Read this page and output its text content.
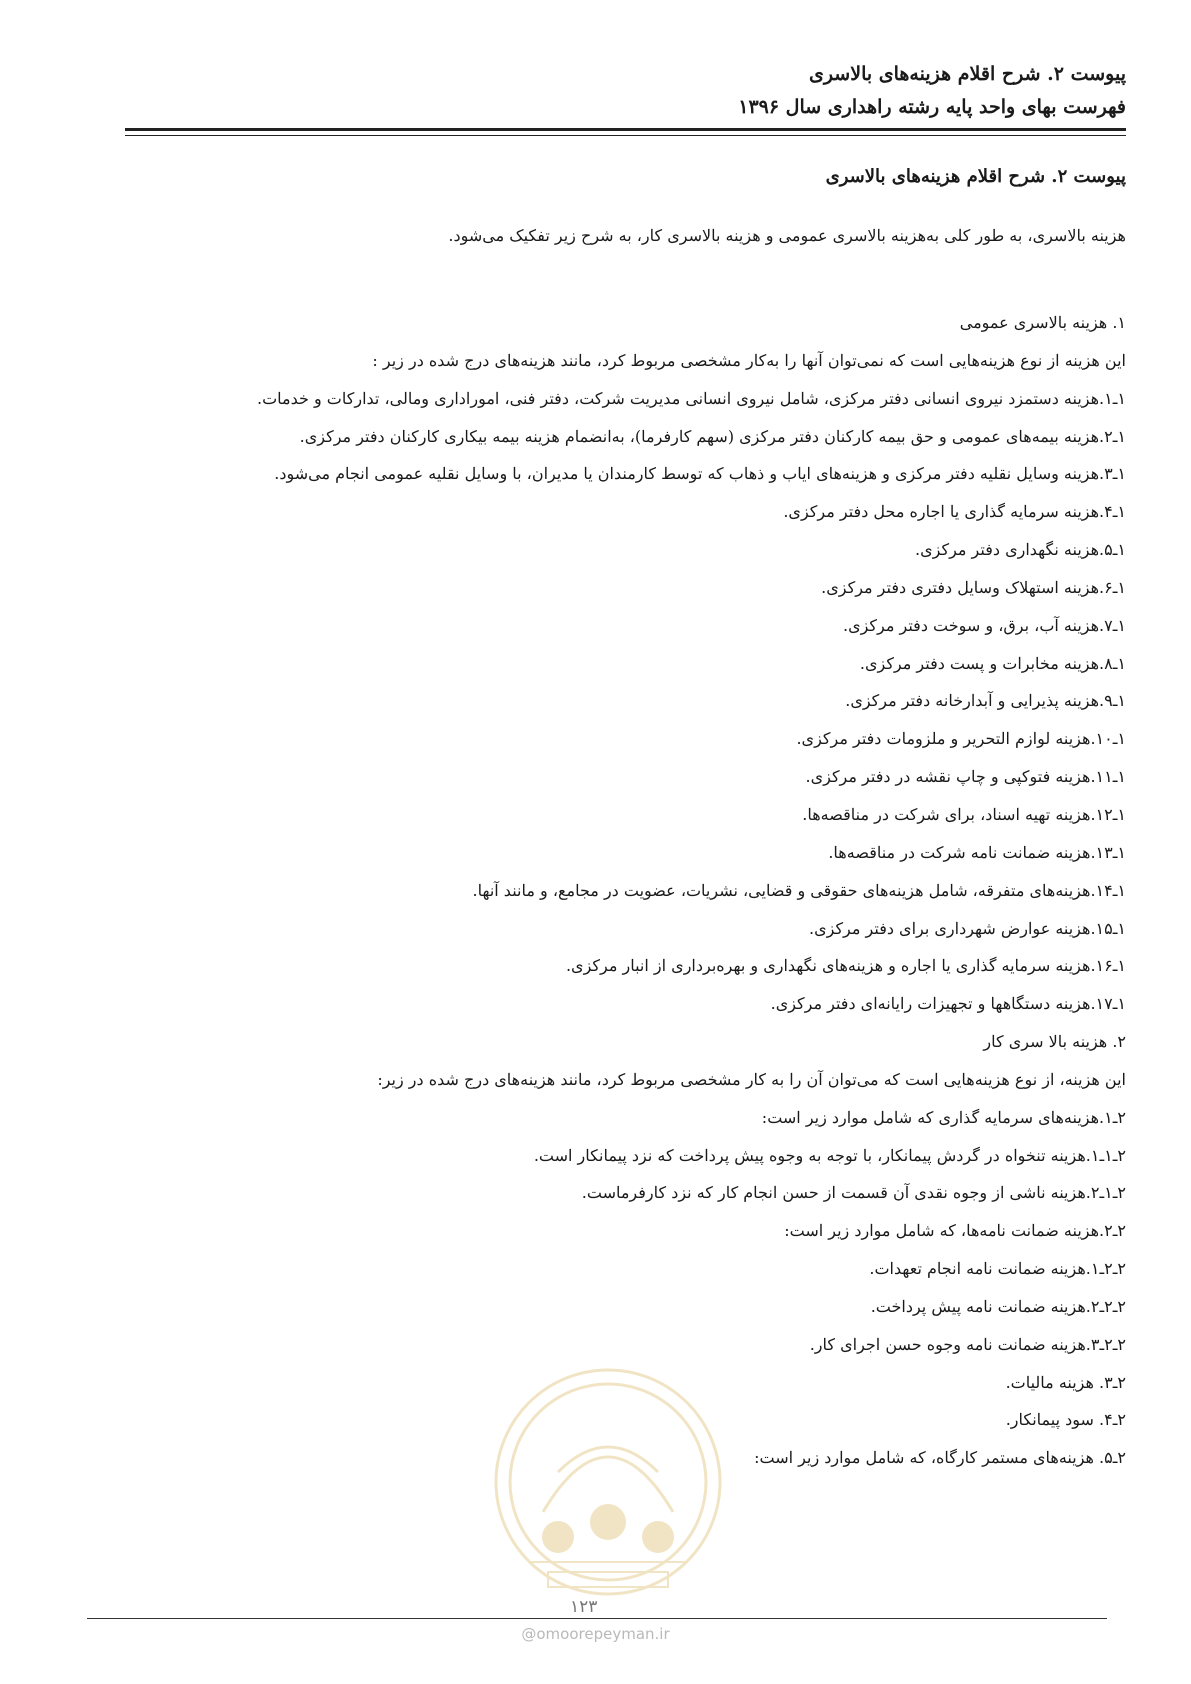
پیوست ۲. شرح اقلام هزینه‌های بالاسری
فهرست بهای واحد پایه رشته راهداری سال ۱۳۹۶
پیوست ۲. شرح اقلام هزینه‌های بالاسری
هزینه بالاسری، به طور کلی به‌هزینه بالاسری عمومی و هزینه بالاسری کار، به شرح زیر تفکیک می‌شود.
۱. هزینه بالاسری عمومی
این هزینه از نوع هزینه‌هایی است که نمی‌توان آنها را به‌کار مشخصی مربوط کرد، مانند هزینه‌های درج شده در زیر :
۱ـ۱.هزینه دستمزد نیروی انسانی دفتر مرکزی، شامل نیروی انسانی مدیریت شرکت، دفتر فنی، اموراداری ومالی، تدارکات و خدمات.
۱ـ۲.هزینه بیمه‌های عمومی و حق بیمه کارکنان دفتر مرکزی (سهم کارفرما)، به‌انضمام هزینه بیمه بیکاری کارکنان دفتر مرکزی.
۱ـ۳.هزینه وسایل نقلیه دفتر مرکزی و هزینه‌های ایاب و ذهاب که توسط کارمندان یا مدیران، با وسایل نقلیه عمومی انجام می‌شود.
۱ـ۴.هزینه سرمایه گذاری یا اجاره محل دفتر مرکزی.
۱ـ۵.هزینه نگهداری دفتر مرکزی.
۱ـ۶.هزینه استهلاک وسایل دفتری دفتر مرکزی.
۱ـ۷.هزینه آب، برق، و سوخت دفتر مرکزی.
۱ـ۸.هزینه مخابرات و پست دفتر مرکزی.
۱ـ۹.هزینه پذیرایی و آبدارخانه دفتر مرکزی.
۱ـ۱۰.هزینه لوازم التحریر و ملزومات دفتر مرکزی.
۱ـ۱۱.هزینه فتوکپی و چاپ نقشه در دفتر مرکزی.
۱ـ۱۲.هزینه تهیه اسناد، برای شرکت در مناقصه‌ها.
۱ـ۱۳.هزینه ضمانت نامه شرکت در مناقصه‌ها.
۱ـ۱۴.هزینه‌های متفرقه، شامل هزینه‌های حقوقی و قضایی، نشریات، عضویت در مجامع، و مانند آنها.
۱ـ۱۵.هزینه عوارض شهرداری برای دفتر مرکزی.
۱ـ۱۶.هزینه سرمایه گذاری یا اجاره و هزینه‌های نگهداری و بهره‌برداری از انبار مرکزی.
۱ـ۱۷.هزینه دستگاهها و تجهیزات رایانه‌ای دفتر مرکزی.
۲. هزینه بالا سری کار
این هزینه، از نوع هزینه‌هایی است که می‌توان آن را به کار مشخصی مربوط کرد، مانند هزینه‌های درج شده در زیر:
۲ـ۱.هزینه‌های سرمایه گذاری که شامل موارد زیر است:
۲ـ۱ـ۱.هزینه تنخواه در گردش پیمانکار، با توجه به وجوه پیش پرداخت که نزد پیمانکار است.
۲ـ۱ـ۲.هزینه ناشی از وجوه نقدی آن قسمت از حسن انجام کار که نزد کارفرماست.
۲ـ۲.هزینه ضمانت نامه‌ها، که شامل موارد زیر است:
۲ـ۲ـ۱.هزینه ضمانت نامه انجام تعهدات.
۲ـ۲ـ۲.هزینه ضمانت نامه پیش پرداخت.
۲ـ۲ـ۳.هزینه ضمانت نامه وجوه حسن اجرای کار.
۲ـ۳. هزینه مالیات.
۲ـ۴. سود پیمانکار.
۲ـ۵. هزینه‌های مستمر کارگاه، که شامل موارد زیر است:
۱۲۳
@omoorepeyman.ir
